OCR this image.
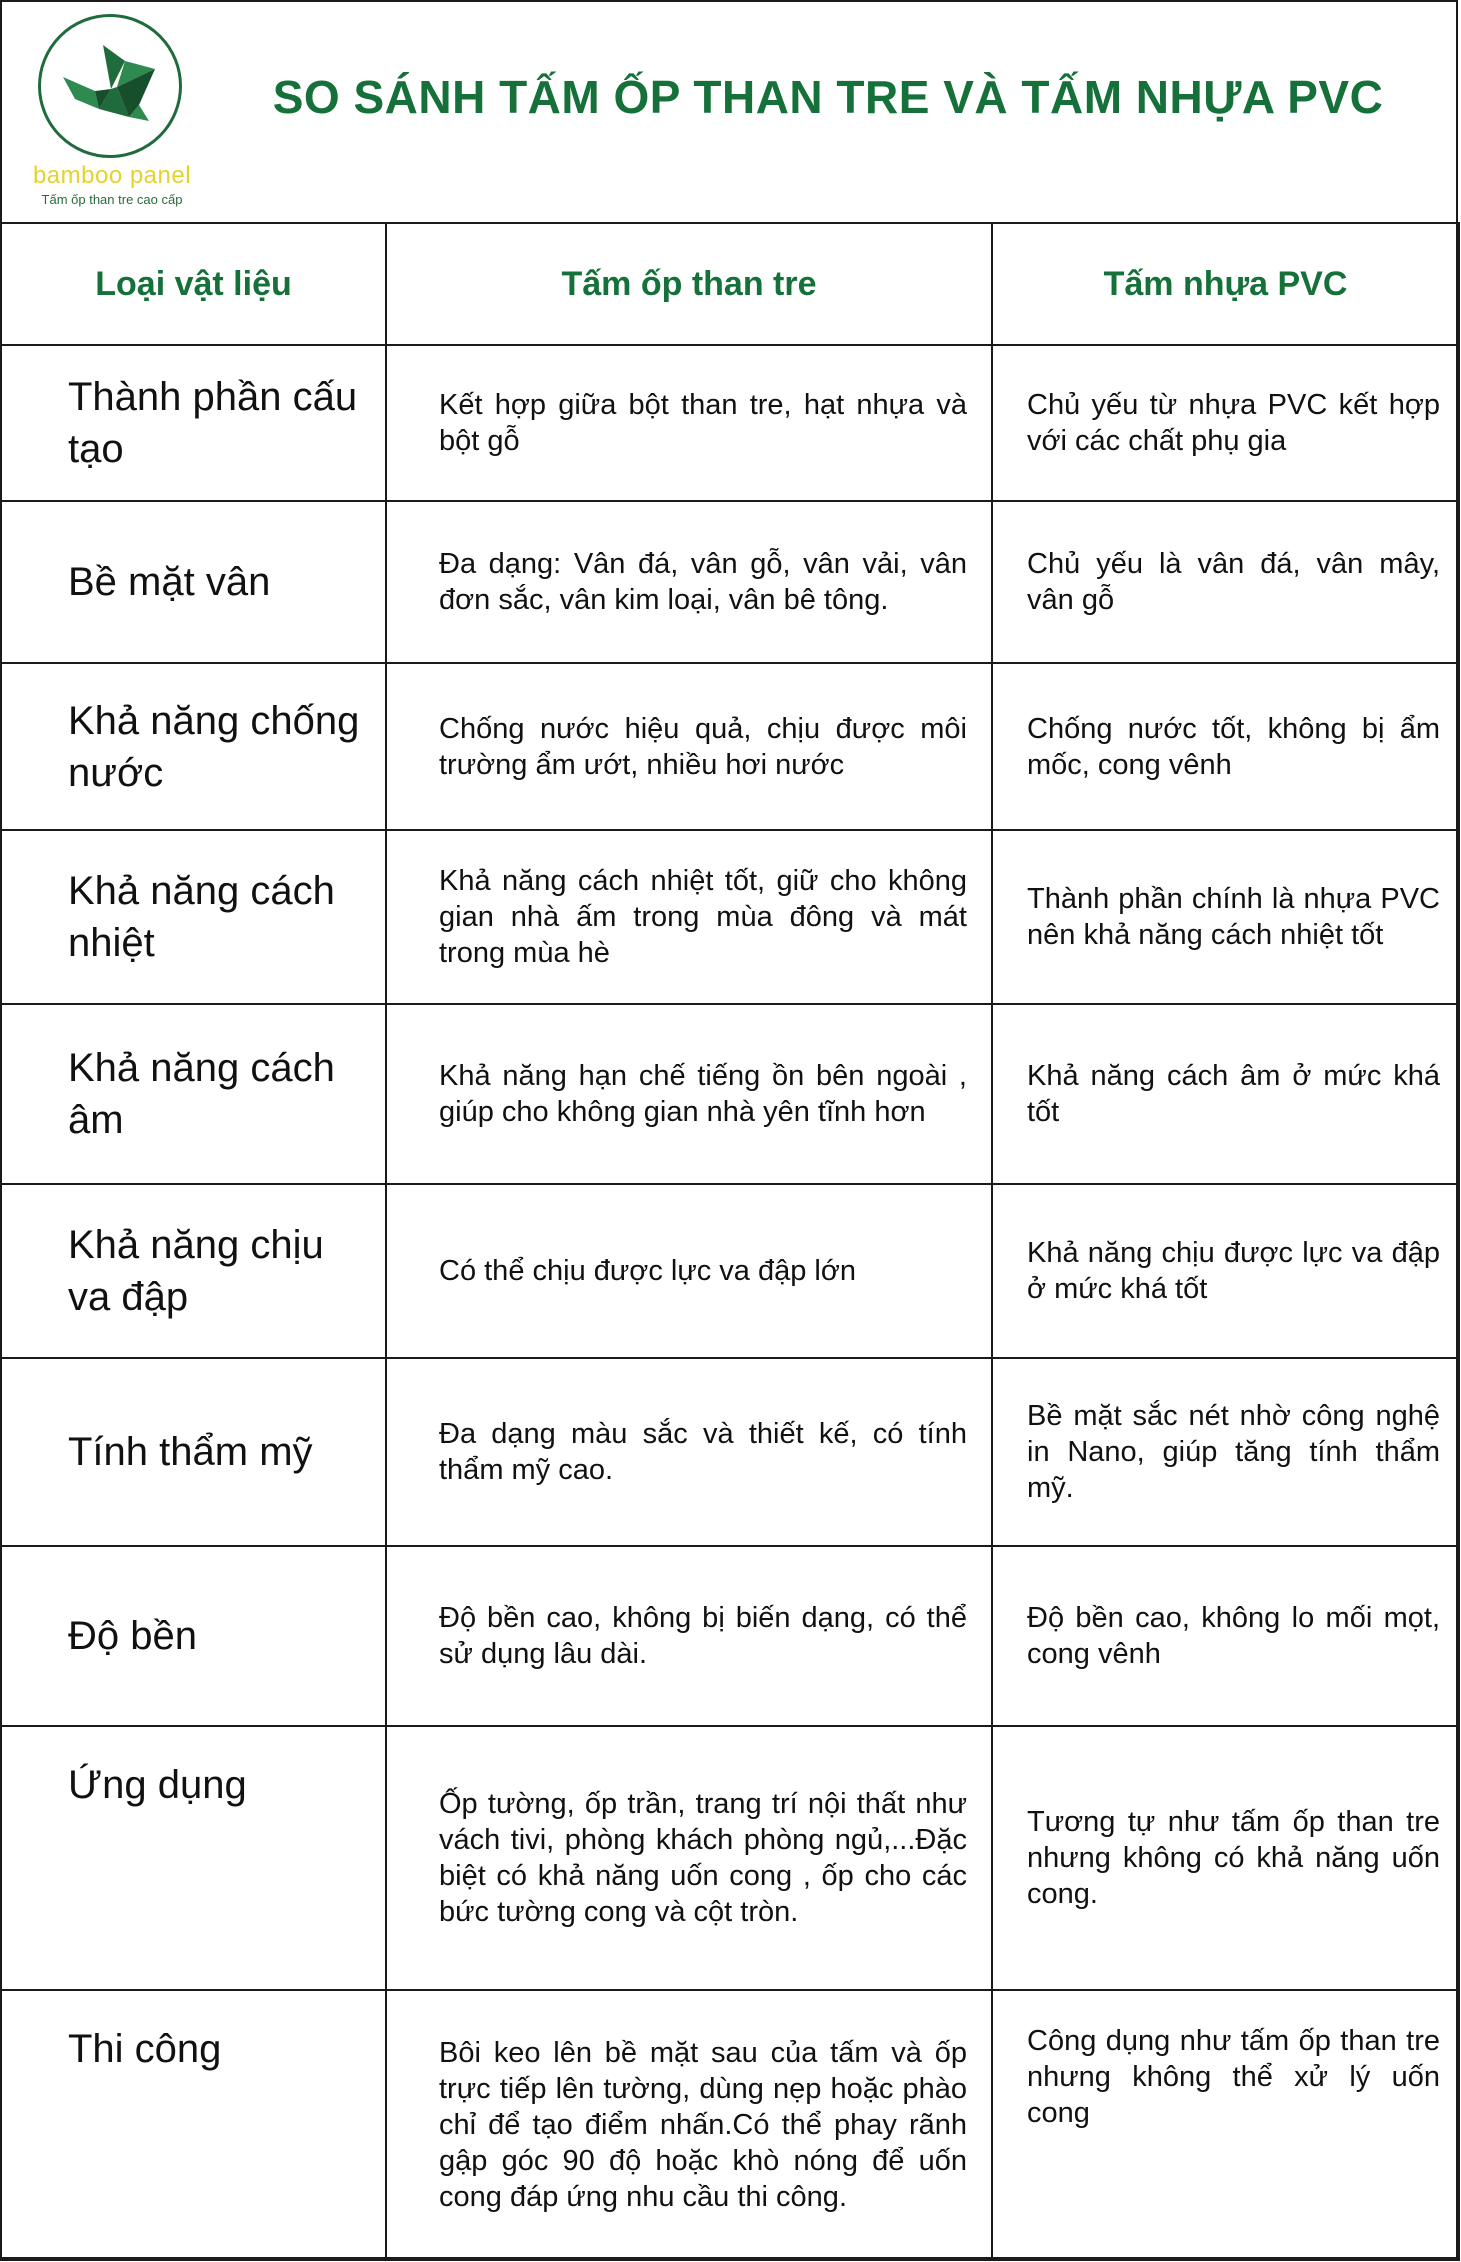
bamboo panel
Tấm ốp than tre cao cấp
SO SÁNH TẤM ỐP THAN TRE VÀ TẤM NHỰA PVC
Loại vật liệu	Tấm ốp than tre	Tấm nhựa PVC
Thành phần cấu tạo	Kết hợp giữa bột than tre, hạt nhựa và bột gỗ	Chủ yếu từ nhựa PVC kết hợp với các chất phụ gia
Bề mặt vân	Đa dạng: Vân đá, vân gỗ, vân vải, vân đơn sắc, vân kim loại, vân bê tông.	Chủ yếu là vân đá, vân mây, vân gỗ
Khả năng chống nước	Chống nước hiệu quả, chịu được môi trường ẩm ướt, nhiều hơi nước	Chống nước tốt, không bị ẩm mốc, cong vênh
Khả năng cách nhiệt	Khả năng cách nhiệt tốt, giữ cho không gian nhà ấm trong mùa đông và mát trong mùa hè	Thành phần chính là nhựa PVC nên khả năng cách nhiệt tốt
Khả năng cách âm	Khả năng hạn chế tiếng ồn bên ngoài , giúp cho không gian nhà yên tĩnh hơn	Khả năng cách âm ở mức khá tốt
Khả năng chịu va đập	Có thể chịu được lực va đập lớn	Khả năng chịu được lực va đập ở mức khá tốt
Tính thẩm mỹ	Đa dạng màu sắc và thiết kế, có tính thẩm mỹ cao.	Bề mặt sắc nét nhờ công nghệ in Nano, giúp tăng tính thẩm mỹ.
Độ bền	Độ bền cao, không bị biến dạng, có thể sử dụng lâu dài.	Độ bền cao, không lo mối mọt, cong vênh
Ứng dụng	Ốp tường, ốp trần, trang trí nội thất như vách tivi, phòng khách phòng ngủ,...Đặc biệt có khả năng uốn cong , ốp cho các bức tường cong và cột tròn.	Tương tự như tấm ốp than tre nhưng không có khả năng uốn cong.
Thi công	Bôi keo lên bề mặt sau của tấm và ốp trực tiếp lên tường, dùng nẹp hoặc phào chỉ để tạo điểm nhấn.Có thể phay rãnh gập góc 90 độ hoặc khò nóng để uốn cong đáp ứng nhu cầu thi công.	Công dụng như tấm ốp than tre nhưng không thể xử lý uốn cong
